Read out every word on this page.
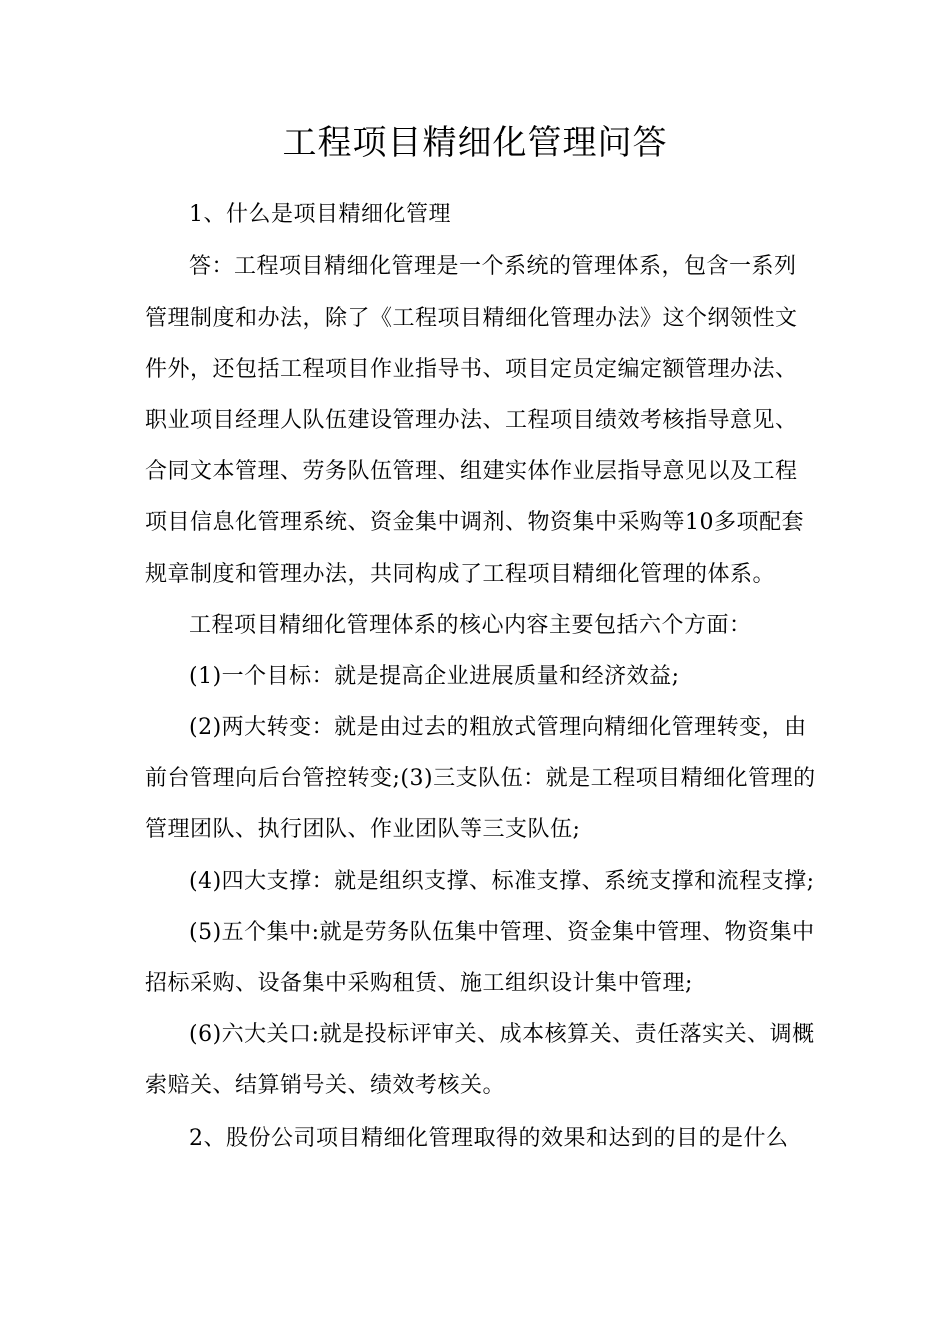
工程项目精细化管理问答
1、什么是项目精细化管理
答：工程项目精细化管理是一个系统的管理体系，包含一系列
管理制度和办法，除了《工程项目精细化管理办法》这个纲领性文
件外，还包括工程项目作业指导书、项目定员定编定额管理办法、
职业项目经理人队伍建设管理办法、工程项目绩效考核指导意见、
合同文本管理、劳务队伍管理、组建实体作业层指导意见以及工程
项目信息化管理系统、资金集中调剂、物资集中采购等10多项配套
规章制度和管理办法，共同构成了工程项目精细化管理的体系。
工程项目精细化管理体系的核心内容主要包括六个方面：
(1)一个目标：就是提高企业进展质量和经济效益;
(2)两大转变：就是由过去的粗放式管理向精细化管理转变，由
前台管理向后台管控转变;(3)三支队伍：就是工程项目精细化管理的
管理团队、执行团队、作业团队等三支队伍;
(4)四大支撑：就是组织支撑、标准支撑、系统支撑和流程支撑;
(5)五个集中:就是劳务队伍集中管理、资金集中管理、物资集中
招标采购、设备集中采购租赁、施工组织设计集中管理;
(6)六大关口:就是投标评审关、成本核算关、责任落实关、调概
索赔关、结算销号关、绩效考核关。
2、股份公司项目精细化管理取得的效果和达到的目的是什么
